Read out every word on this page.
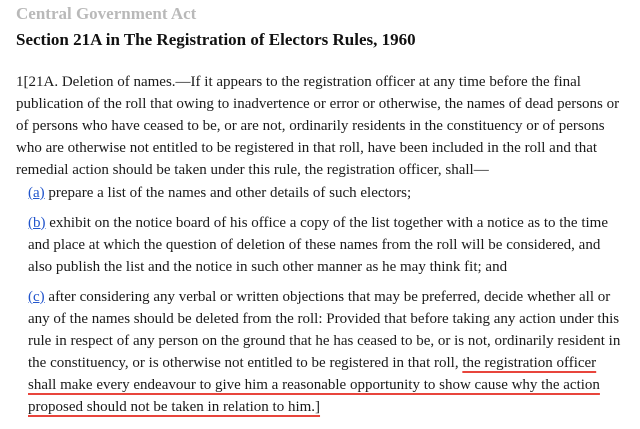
Central Government Act
Section 21A in The Registration of Electors Rules, 1960

1[21A. Deletion of names.—If it appears to the registration officer at any time before the final publication of the roll that owing to inadvertence or error or otherwise, the names of dead persons or of persons who have ceased to be, or are not, ordinarily residents in the constituency or of persons who are otherwise not entitled to be registered in that roll, have been included in the roll and that remedial action should be taken under this rule, the registration officer, shall—

(a) prepare a list of the names and other details of such electors;

(b) exhibit on the notice board of his office a copy of the list together with a notice as to the time and place at which the question of deletion of these names from the roll will be considered, and also publish the list and the notice in such other manner as he may think fit; and

(c) after considering any verbal or written objections that may be preferred, decide whether all or any of the names should be deleted from the roll: Provided that before taking any action under this rule in respect of any person on the ground that he has ceased to be, or is not, ordinarily resident in the constituency, or is otherwise not entitled to be registered in that roll, the registration officer shall make every endeavour to give him a reasonable opportunity to show cause why the action proposed should not be taken in relation to him.]
